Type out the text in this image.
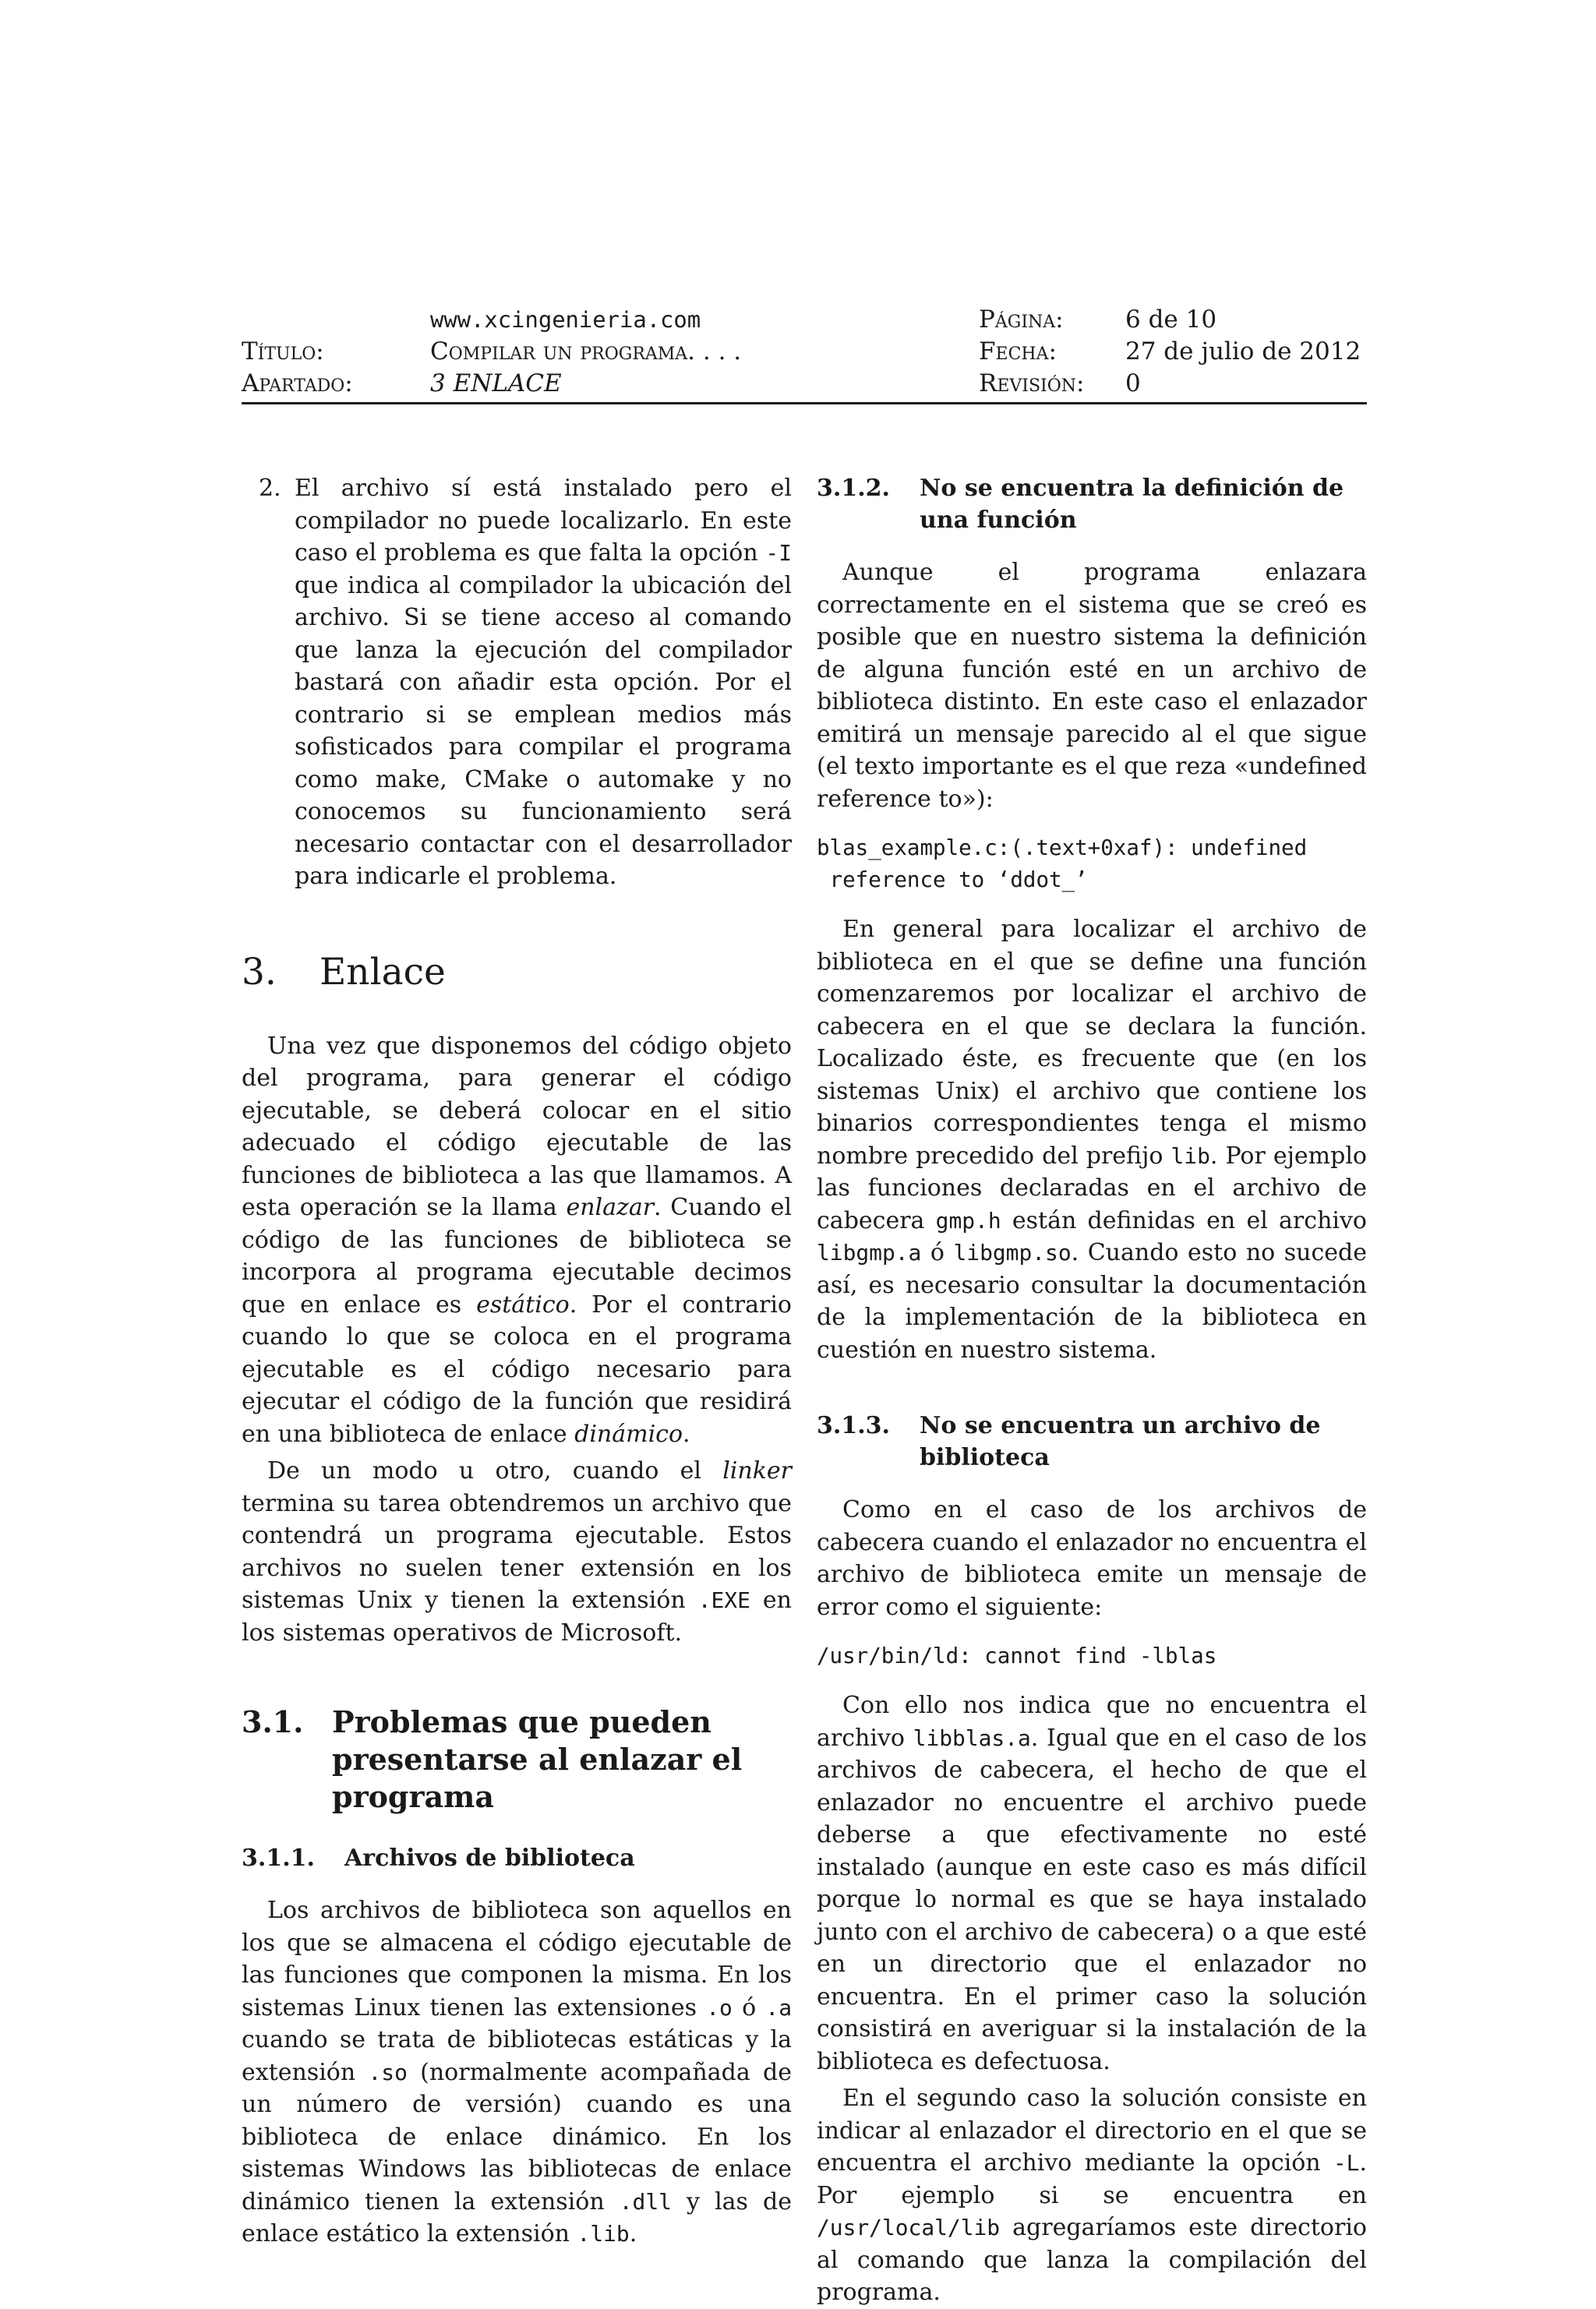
www.xcingenieria.com	Página:	6 de 10
Título:	Compilar un programa. . . .	Fecha:	27 de julio de 2012
Apartado:	3 ENLACE	Revisión: 0
2. El archivo sí está instalado pero el compilador no puede localizarlo. En este caso el problema es que falta la opción -I que indica al compilador la ubicación del archivo. Si se tiene acceso al comando que lanza la ejecución del compilador bastará con añadir esta opción. Por el contrario si se emplean medios más sofisticados para compilar el programa como make, CMake o automake y no conocemos su funcionamiento será necesario contactar con el desarrollador para indicarle el problema.
3.	Enlace

Una vez que disponemos del código objeto del programa, para generar el código ejecutable, se deberá colocar en el sitio adecuado el código ejecutable de las funciones de biblioteca a las que llamamos. A esta operación se la llama enlazar. Cuando el código de las funciones de biblioteca se incorpora al programa ejecutable decimos que en enlace es estático. Por el contrario cuando lo que se coloca en el programa ejecutable es el código necesario para ejecutar el código de la función que residirá en una biblioteca de enlace dinámico.

De un modo u otro, cuando el linker termina su tarea obtendremos un archivo que contendrá un programa ejecutable. Estos archivos no suelen tener extensión en los sistemas Unix y tienen la extensión .EXE en los sistemas operativos de Microsoft.

3.1. Problemas que pueden presentarse al enlazar el programa
3.1.1.	Archivos de biblioteca

Los archivos de biblioteca son aquellos en los que se almacena el código ejecutable de las funciones que componen la misma. En los sistemas Linux tienen las extensiones .o ó .a cuando se trata de bibliotecas estáticas y la extensión .so (normalmente acompañada de un número de versión) cuando es una biblioteca de enlace dinámico. En los sistemas Windows las bibliotecas de enlace dinámico tienen la extensión .dll y las de enlace estático la extensión .lib.

3.1.2.	No se encuentra la definición de una función

Aunque el programa enlazara correctamente en el sistema que se creó es posible que en nuestro sistema la definición de alguna función esté en un archivo de biblioteca distinto. En este caso el enlazador emitirá un mensaje parecido al el que sigue (el texto importante es el que reza «undefined reference to»):

blas_example.c:(.text+0xaf): undefined
reference to ‘ddot_’

En general para localizar el archivo de biblioteca en el que se define una función comenzaremos por localizar el archivo de cabecera en el que se declara la función. Localizado éste, es frecuente que (en los sistemas Unix) el archivo que contiene los binarios correspondientes tenga el mismo nombre precedido del prefijo lib. Por ejemplo las funciones declaradas en el archivo de cabecera gmp.h están definidas en el archivo libgmp.a ó libgmp.so. Cuando esto no sucede así, es necesario consultar la documentación de la implementación de la biblioteca en cuestión en nuestro sistema.

3.1.3.	No se encuentra un archivo de biblioteca

Como en el caso de los archivos de cabecera cuando el enlazador no encuentra el archivo de biblioteca emite un mensaje de error como el siguiente:

/usr/bin/ld: cannot find -lblas

Con ello nos indica que no encuentra el archivo libblas.a. Igual que en el caso de los archivos de cabecera, el hecho de que el enlazador no encuentre el archivo puede deberse a que efectivamente no esté instalado (aunque en este caso es más difícil porque lo normal es que se haya instalado junto con el archivo de cabecera) o a que esté en un directorio que el enlazador no encuentra. En el primer caso la solución consistirá en averiguar si la instalación de la biblioteca es defectuosa.

En el segundo caso la solución consiste en indicar al enlazador el directorio en el que se encuentra el archivo mediante la opción -L. Por ejemplo si se encuentra en /usr/local/lib agregaríamos este directorio al comando que lanza la compilación del programa.
